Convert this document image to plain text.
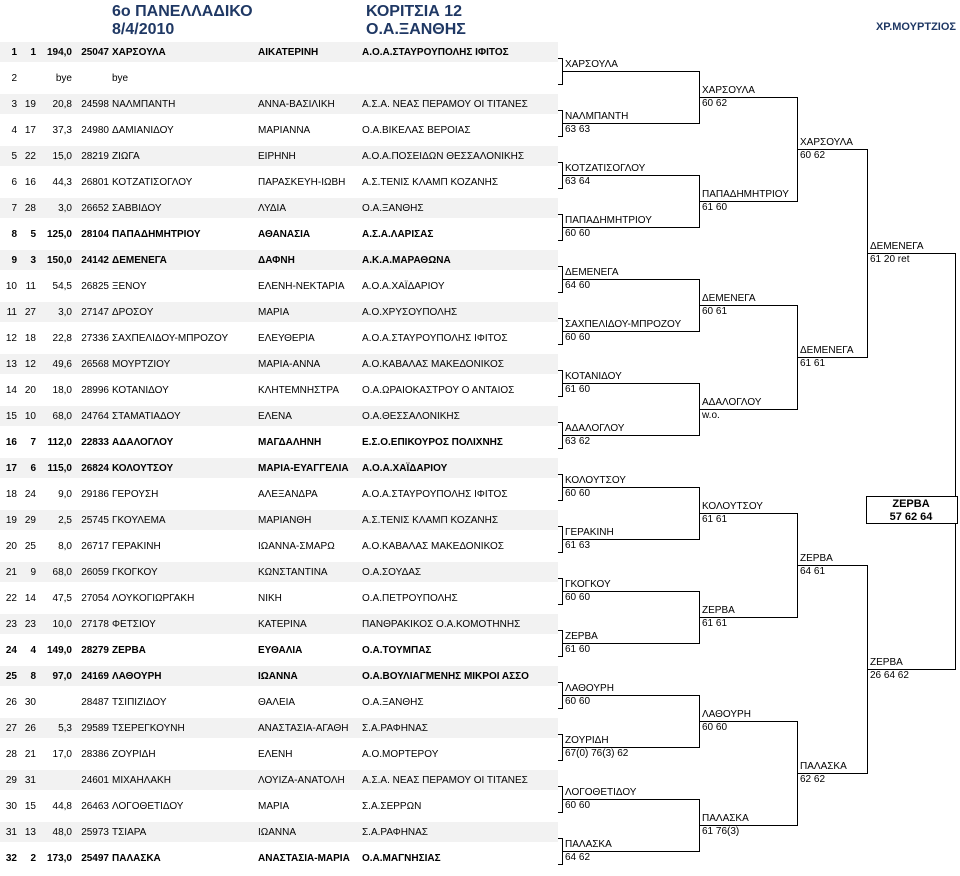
6o ΠΑΝΕΛΛΑΔΙΚΟ
8/4/2010
ΚΟΡΙΤΣΙΑ 12
Ο.Α.ΞΑΝΘΗΣ	ΧΡ.ΜΟΥΡΤΖΙΟΣ
1	1	194,0 25047 ΧΑΡΣΟΥΛΑ	ΑΙΚΑΤΕΡΙΝΗ	Α.Ο.Α.ΣΤΑΥΡΟΥΠΟΛΗΣ ΙΦΙΤΟΣ
2	bye	bye
3 19	20,8 24598 ΝΑΛΜΠΑΝΤΗ	ΑΝΝΑ-ΒΑΣΙΛΙΚΗ	Α.Σ.Α. ΝΕΑΣ ΠΕΡΑΜΟΥ ΟΙ ΤΙΤΑΝΕΣ
4 17	37,3 24980 ΔΑΜΙΑΝΙΔΟΥ	ΜΑΡΙΑΝΝΑ	Ο.Α.ΒΙΚΕΛΑΣ ΒΕΡΟΙΑΣ
5 22	15,0 28219 ΖΙΩΓΑ	ΕΙΡΗΝΗ	Α.Ο.Α.ΠΟΣΕΙΔΩΝ ΘΕΣΣΑΛΟΝΙΚΗΣ
6 16	44,3 26801 ΚΟΤΖΑΤΙΣΟΓΛΟΥ	ΠΑΡΑΣΚΕΥΗ-ΙΩΒΗ	Α.Σ.ΤΕΝΙΣ ΚΛΑΜΠ ΚΟΖΑΝΗΣ
7 28	3,0 26652 ΣΑΒΒΙΔΟΥ	ΛΥΔΙΑ	Ο.Α.ΞΑΝΘΗΣ
8	5	125,0 28104 ΠΑΠΑΔΗΜΗΤΡΙΟΥ	ΑΘΑΝΑΣΙΑ	Α.Σ.Α.ΛΑΡΙΣΑΣ
9	3	150,0 24142 ΔΕΜΕΝΕΓΑ	ΔΑΦΝΗ	Α.Κ.Α.ΜΑΡΑΘΩΝΑ
10 11	54,5 26825 ΞΕΝΟΥ	ΕΛΕΝΗ-ΝΕΚΤΑΡΙΑ	Α.Ο.Α.ΧΑΪΔΑΡΙΟΥ
11 27	3,0 27147 ΔΡΟΣΟΥ	ΜΑΡΙΑ	Α.Ο.ΧΡΥΣΟΥΠΟΛΗΣ
12 18	22,8 27336 ΣΑΧΠΕΛΙΔΟΥ-ΜΠΡΟΖΟΥ	ΕΛΕΥΘΕΡΙΑ	Α.Ο.Α.ΣΤΑΥΡΟΥΠΟΛΗΣ ΙΦΙΤΟΣ
13 12	49,6 26568 ΜΟΥΡΤΖΙΟΥ	ΜΑΡΙΑ-ΑΝΝΑ	Α.Ο.ΚΑΒΑΛΑΣ ΜΑΚΕΔΟΝΙΚΟΣ
14 20	18,0 28996 ΚΟΤΑΝΙΔΟΥ	ΚΛΗΤΕΜΝΗΣΤΡΑ	Ο.Α.ΩΡΑΙΟΚΑΣΤΡΟΥ Ο ΑΝΤΑΙΟΣ
15 10	68,0 24764 ΣΤΑΜΑΤΙΑΔΟΥ	ΕΛΕΝΑ	Ο.Α.ΘΕΣΣΑΛΟΝΙΚΗΣ
16	7	112,0 22833 ΑΔΑΛΟΓΛΟΥ	ΜΑΓΔΑΛΗΝΗ	Ε.Σ.Ο.ΕΠΙΚΟΥΡΟΣ ΠΟΛΙΧΝΗΣ
17	6	115,0 26824 ΚΟΛΟΥΤΣΟΥ	ΜΑΡΙΑ-ΕΥΑΓΓΕΛΙΑ	Α.Ο.Α.ΧΑΪΔΑΡΙΟΥ
18 24	9,0 29186 ΓΕΡΟΥΣΗ	ΑΛΕΞΑΝΔΡΑ	Α.Ο.Α.ΣΤΑΥΡΟΥΠΟΛΗΣ ΙΦΙΤΟΣ
19 29	2,5 25745 ΓΚΟΥΛΕΜΑ	ΜΑΡΙΑΝΘΗ	Α.Σ.ΤΕΝΙΣ ΚΛΑΜΠ ΚΟΖΑΝΗΣ
20 25	8,0 26717 ΓΕΡΑΚΙΝΗ	ΙΩΑΝΝΑ-ΣΜΑΡΩ	Α.Ο.ΚΑΒΑΛΑΣ ΜΑΚΕΔΟΝΙΚΟΣ
21	9	68,0 26059 ΓΚΟΓΚΟΥ	ΚΩΝΣΤΑΝΤΙΝΑ	Ο.Α.ΣΟΥΔΑΣ
22 14	47,5 27054 ΛΟΥΚΟΓΙΩΡΓΑΚΗ	ΝΙΚΗ	Ο.Α.ΠΕΤΡΟΥΠΟΛΗΣ
23 23	10,0 27178 ΦΕΤΣΙΟΥ	ΚΑΤΕΡΙΝΑ	ΠΑΝΘΡΑΚΙΚΟΣ Ο.Α.ΚΟΜΟΤΗΝΗΣ
24	4	149,0 28279 ΖΕΡΒΑ	ΕΥΘΑΛΙΑ	Ο.Α.ΤΟΥΜΠΑΣ
25	8	97,0 24169 ΛΑΘΟΥΡΗ	ΙΩΑΝΝΑ	Ο.Α.ΒΟΥΛΙΑΓΜΕΝΗΣ ΜΙΚΡΟΙ ΑΣΣΟ
26 30	28487 ΤΣΙΠΙΖΙΔΟΥ	ΘΑΛΕΙΑ	Ο.Α.ΞΑΝΘΗΣ
27 26	5,3 29589 ΤΣΕΡΕΓΚΟΥΝΗ	ΑΝΑΣΤΑΣΙΑ-ΑΓΑΘΗ	Σ.Α.ΡΑΦΗΝΑΣ
28 21	17,0 28386 ΖΟΥΡΙΔΗ	ΕΛΕΝΗ	Α.Ο.ΜΟΡΤΕΡΟΥ
29 31	24601 ΜΙΧΑΗΛΑΚΗ	ΛΟΥΙΖΑ-ΑΝΑΤΟΛΗ	Α.Σ.Α. ΝΕΑΣ ΠΕΡΑΜΟΥ ΟΙ ΤΙΤΑΝΕΣ
30 15	44,8 26463 ΛΟΓΟΘΕΤΙΔΟΥ	ΜΑΡΙΑ	Σ.Α.ΣΕΡΡΩΝ
31 13	48,0 25973 ΤΣΙΑΡΑ	ΙΩΑΝΝΑ	Σ.Α.ΡΑΦΗΝΑΣ
32	2	173,0 25497 ΠΑΛΑΣΚΑ	ΑΝΑΣΤΑΣΙΑ-ΜΑΡΙΑ	Ο.Α.ΜΑΓΝΗΣΙΑΣ
ΧΑΡΣΟΥΛΑ
ΝΑΛΜΠΑΝΤΗ
63 63
ΚΟΤΖΑΤΙΣΟΓΛΟΥ
63 64
ΠΑΠΑΔΗΜΗΤΡΙΟΥ
60 60
ΔΕΜΕΝΕΓΑ
64 60
ΣΑΧΠΕΛΙΔΟΥ-ΜΠΡΟΖΟΥ
60 60
ΚΟΤΑΝΙΔΟΥ
61 60
ΑΔΑΛΟΓΛΟΥ
63 62
ΚΟΛΟΥΤΣΟΥ
60 60
ΓΕΡΑΚΙΝΗ
61 63
ΓΚΟΓΚΟΥ
60 60
ΖΕΡΒΑ
61 60
ΛΑΘΟΥΡΗ
60 60
ΖΟΥΡΙΔΗ
67(0) 76(3) 62
ΛΟΓΟΘΕΤΙΔΟΥ
60 60
ΠΑΛΑΣΚΑ
64 62
ΧΑΡΣΟΥΛΑ
60 62
ΠΑΠΑΔΗΜΗΤΡΙΟΥ
61 60
ΔΕΜΕΝΕΓΑ
60 61
ΑΔΑΛΟΓΛΟΥ
w.o.
ΚΟΛΟΥΤΣΟΥ
61 61
ΖΕΡΒΑ
61 61
ΛΑΘΟΥΡΗ
60 60
ΠΑΛΑΣΚΑ
61 76(3)
ΧΑΡΣΟΥΛΑ
60 62
ΔΕΜΕΝΕΓΑ
61 61
ΖΕΡΒΑ
64 61
ΠΑΛΑΣΚΑ
62 62
ΔΕΜΕΝΕΓΑ
61 20 ret
ΖΕΡΒΑ
26 64 62
ΖΕΡΒΑ
57 62 64
